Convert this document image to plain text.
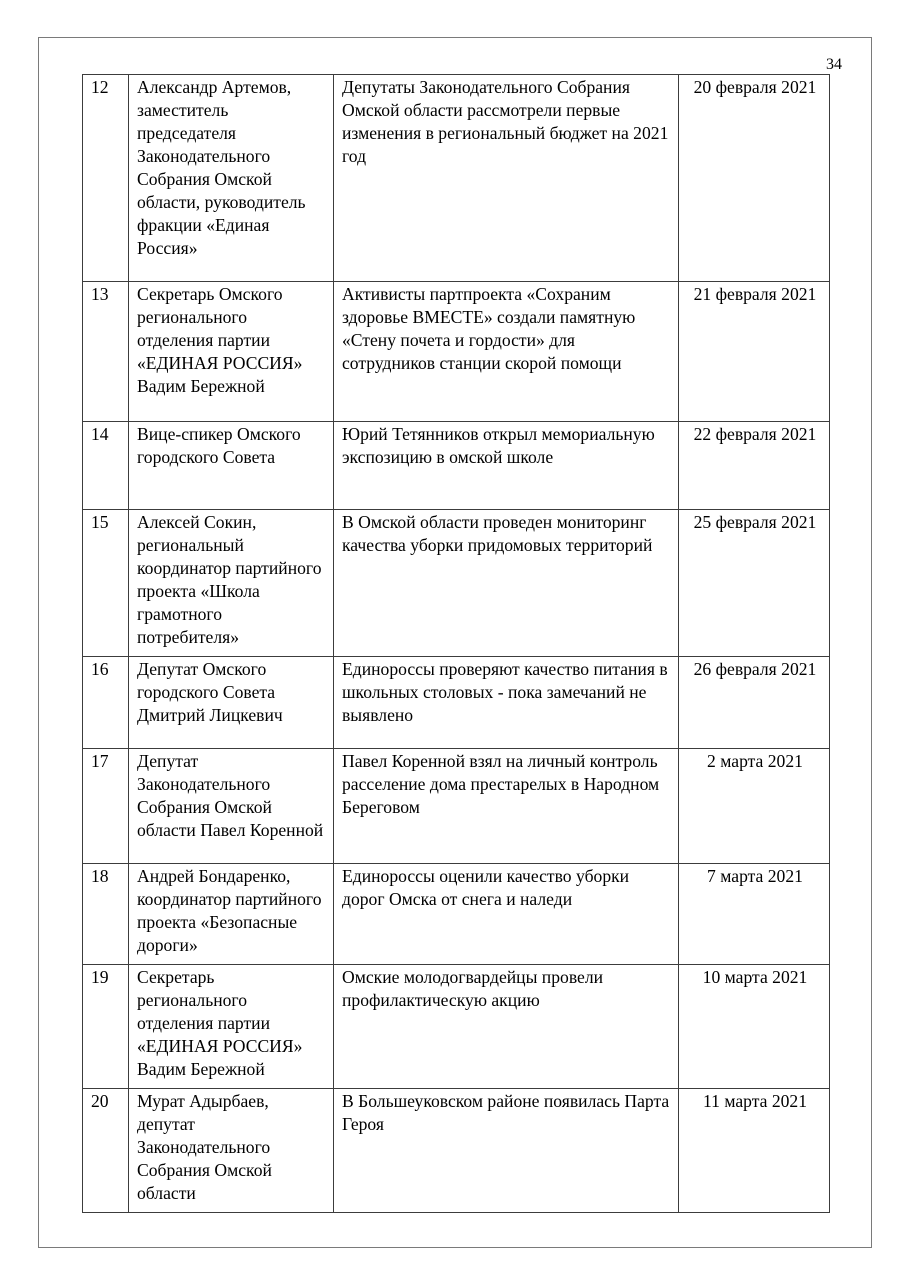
34
12	Александр Артемов, заместитель председателя Законодательного Собрания Омской области, руководитель фракции «Единая Россия»	Депутаты Законодательного Собрания Омской области рассмотрели первые изменения в региональный бюджет на 2021 год	20 февраля 2021
13	Секретарь Омского регионального отделения партии «ЕДИНАЯ РОССИЯ» Вадим Бережной	Активисты партпроекта «Сохраним здоровье ВМЕСТЕ» создали памятную «Стену почета и гордости» для сотрудников станции скорой помощи	21 февраля 2021
14	Вице-спикер Омского городского Совета	Юрий Тетянников открыл мемориальную экспозицию в омской школе	22 февраля 2021
15	Алексей Сокин, региональный координатор партийного проекта «Школа грамотного потребителя»	В Омской области проведен мониторинг качества уборки придомовых территорий	25 февраля 2021
16	Депутат Омского городского Совета Дмитрий Лицкевич	Единороссы проверяют качество питания в школьных столовых - пока замечаний не выявлено	26 февраля 2021
17	Депутат Законодательного Собрания Омской области Павел Коренной	Павел Коренной взял на личный контроль расселение дома престарелых в Народном Береговом	2 марта 2021
18	Андрей Бондаренко, координатор партийного проекта «Безопасные дороги»	Единороссы оценили качество уборки дорог Омска от снега и наледи	7 марта 2021
19	Секретарь регионального отделения партии «ЕДИНАЯ РОССИЯ» Вадим Бережной	Омские молодогвардейцы провели профилактическую акцию	10 марта 2021
20	Мурат Адырбаев, депутат Законодательного Собрания Омской области	В Большеуковском районе появилась Парта Героя	11 марта 2021
